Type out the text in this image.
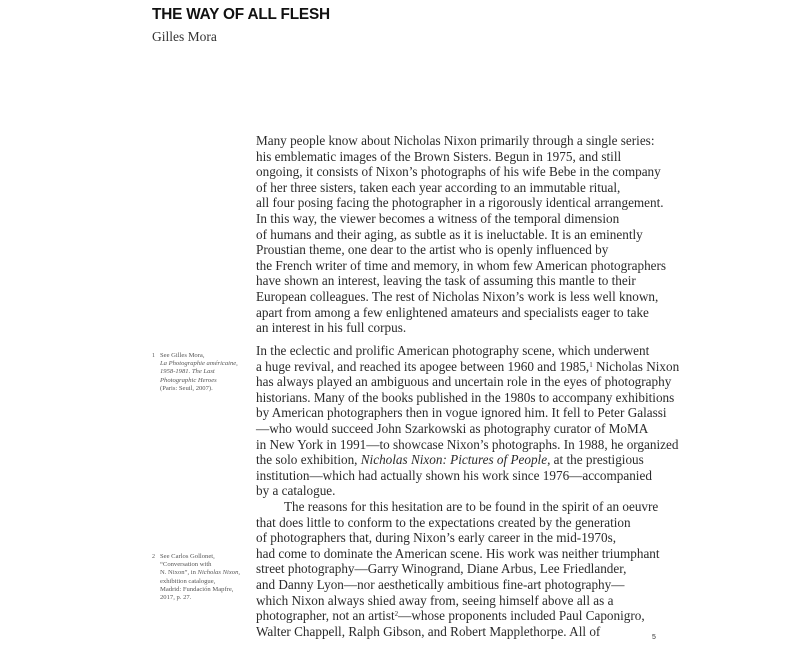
THE WAY OF ALL FLESH
Gilles Mora
Many people know about Nicholas Nixon primarily through a single series:
his emblematic images of the Brown Sisters. Begun in 1975, and still
ongoing, it consists of Nixon’s photographs of his wife Bebe in the company
of her three sisters, taken each year according to an immutable ritual,
all four posing facing the photographer in a rigorously identical arrangement.
In this way, the viewer becomes a witness of the temporal dimension
of humans and their aging, as subtle as it is ineluctable. It is an eminently
Proustian theme, one dear to the artist who is openly influenced by
the French writer of time and memory, in whom few American photographers
have shown an interest, leaving the task of assuming this mantle to their
European colleagues. The rest of Nicholas Nixon’s work is less well known,
apart from among a few enlightened amateurs and specialists eager to take
an interest in his full corpus.
In the eclectic and prolific American photography scene, which underwent
a huge revival, and reached its apogee between 1960 and 1985,$^1$ Nicholas Nixon
has always played an ambiguous and uncertain role in the eyes of photography
historians. Many of the books published in the 1980s to accompany exhibitions
by American photographers then in vogue ignored him. It fell to Peter Galassi
—who would succeed John Szarkowski as photography curator of MoMA
in New York in 1991—to showcase Nixon’s photographs. In 1988, he organized
the solo exhibition, Nicholas Nixon: Pictures of People, at the prestigious
institution—which had actually shown his work since 1976—accompanied
by a catalogue.
The reasons for this hesitation are to be found in the spirit of an oeuvre
that does little to conform to the expectations created by the generation
of photographers that, during Nixon’s early career in the mid-1970s,
had come to dominate the American scene. His work was neither triumphant
street photography—Garry Winogrand, Diane Arbus, Lee Friedlander,
and Danny Lyon—nor aesthetically ambitious fine-art photography—
which Nixon always shied away from, seeing himself above all as a
photographer, not an artist$^2$—whose proponents included Paul Caponigro,
Walter Chappell, Ralph Gibson, and Robert Mapplethorpe. All of
1 See Gilles Mora,
La Photographie américaine,
1958-1981. The Last
Photographic Heroes
(Paris: Seuil, 2007).
2 See Carlos Gollonet,
“Conversation with
N. Nixon”, in Nicholas Nixon,
exhibition catalogue,
Madrid: Fundación Mapfre,
2017, p. 27.
5
